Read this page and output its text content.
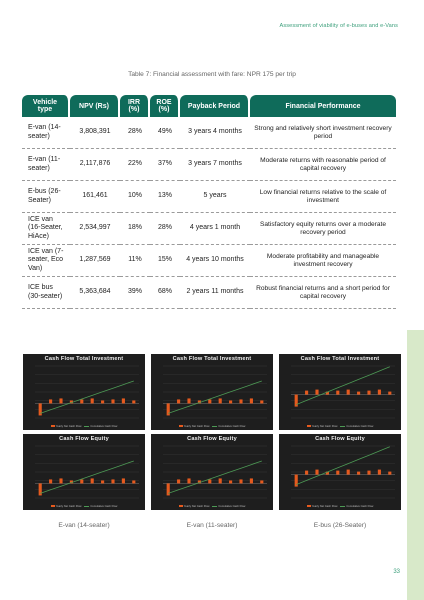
Assessment of viability of e-buses and e-Vans
Table 7: Financial assessment with fare: NPR 175 per trip
Vehicle type	NPV (Rs)	IRR (%)	ROE (%)	Payback Period	Financial Performance
E-van (14-seater)	3,808,391	28%	49%	3 years 4 months	Strong and relatively short investment recovery period
E-van (11-seater)	2,117,876	22%	37%	3 years 7 months	Moderate returns with reasonable period of capital recovery
E-bus (26-Seater)	161,461	10%	13%	5 years	Low financial returns relative to the scale of investment
ICE van (16-Seater, HiAce)	2,534,997	18%	28%	4 years 1 month	Satisfactory equity returns over a moderate recovery period
ICE van (7-seater, Eco Van)	1,287,569	11%	15%	4 years 10 months	Moderate profitability and manageable investment recovery
ICE bus (30-seater)	5,363,684	39%	68%	2 years 11 months	Robust financial returns and a short period for capital recovery
Cash Flow Total Investment
Yearly Net Cash Flow	Cumulative Cash Flow
Cash Flow Total Investment
Yearly Net Cash Flow	Cumulative Cash Flow
Cash Flow Total Investment
Yearly Net Cash Flow	Cumulative Cash Flow
Cash Flow Equity
Yearly Net Cash Flow	Cumulative Cash Flow
Cash Flow Equity
Yearly Net Cash Flow	Cumulative Cash Flow
Cash Flow Equity
Yearly Net Cash Flow	Cumulative Cash Flow
E-van (14-seater)	E-van (11-seater)	E-bus (26-Seater)
33
